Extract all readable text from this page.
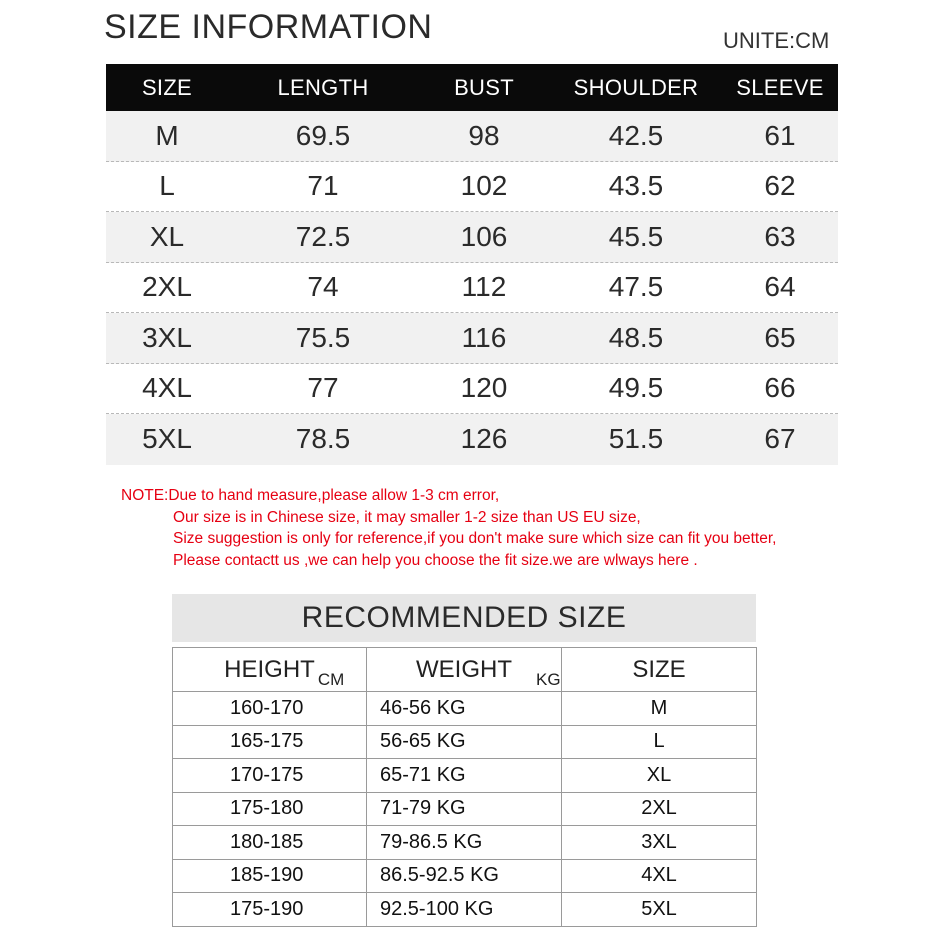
SIZE INFORMATION	UNITE:CM
SIZE	LENGTH	BUST	SHOULDER	SLEEVE
M	69.5	98	42.5	61
L	71	102	43.5	62
XL	72.5	106	45.5	63
2XL	74	112	47.5	64
3XL	75.5	116	48.5	65
4XL	77	120	49.5	66
5XL	78.5	126	51.5	67
NOTE:Due to hand measure,please allow 1-3 cm error,
Our size is in Chinese size, it may smaller 1-2 size than US EU size,
Size suggestion is only for reference,if you don't make sure which size can fit you better,
Please contactt us ,we can help you choose the fit size.we are wlways here .
RECOMMENDED SIZE
HEIGHT CM	WEIGHT KG	SIZE
160-170	46-56 KG	M
165-175	56-65 KG	L
170-175	65-71 KG	XL
175-180	71-79 KG	2XL
180-185	79-86.5 KG	3XL
185-190	86.5-92.5 KG	4XL
175-190	92.5-100 KG	5XL
